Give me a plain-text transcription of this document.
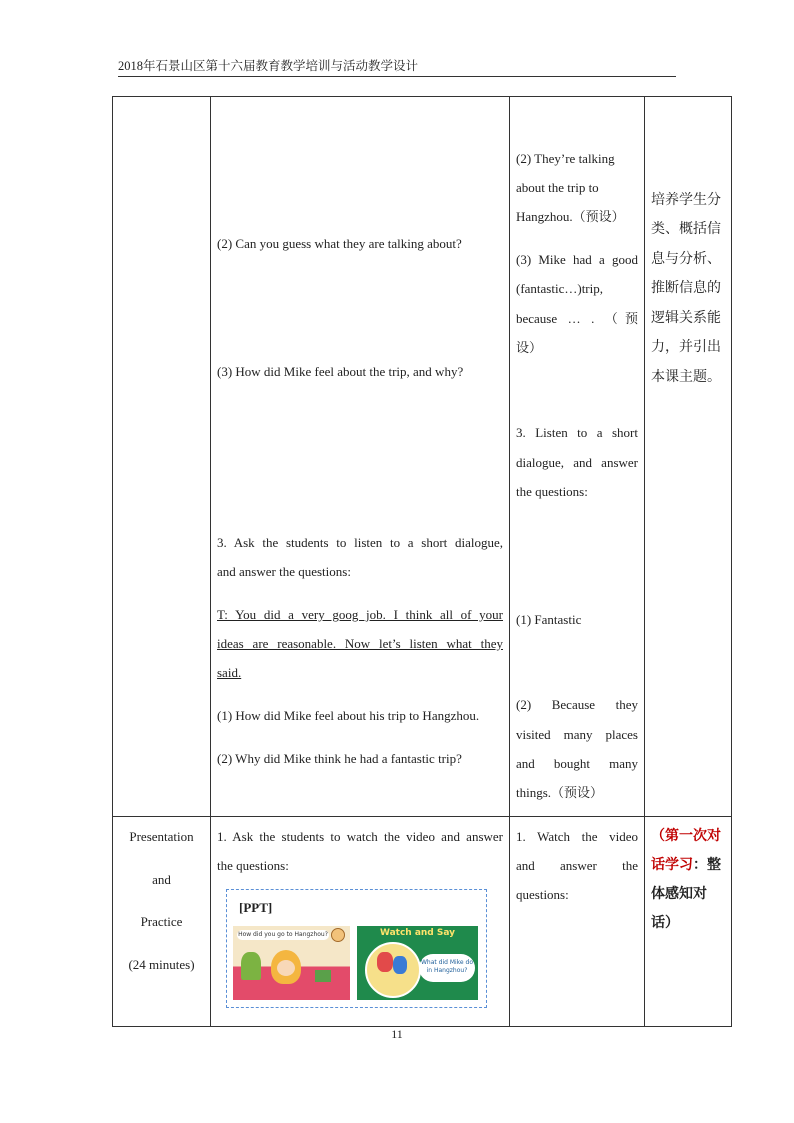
2018年石景山区第十六届教育教学培训与活动教学设计
(2) Can you guess what they are talking about?
(3) How did Mike feel about the trip, and why?
3. Ask the students to listen to a short dialogue,
and answer the questions:
T: You did a very goog job. I think all of your
ideas are reasonable. Now let’s listen what they
said.
(1) How did Mike feel about his trip to Hangzhou.
(2) Why did Mike think he had a fantastic trip?
(2) They’re talking
about the trip to
Hangzhou.（预设）
(3) Mike had a good
(fantastic…)trip,
because … . （预
设）
3. Listen to a short
dialogue, and answer
the questions:
(1) Fantastic
(2) Because they
visited many places
and bought many
things.（预设）
培养学生分
类、概括信
息与分析、
推断信息的
逻辑关系能
力，并引出
本课主题。
Presentation
and
Practice
(24 minutes)
1. Ask the students to watch the video and answer
the questions:
[PPT]
How did you go to Hangzhou?	Watch and Say
What did Mike do in Hangzhou?
1. Watch the video
and answer the
questions:
（第一次对
话学习：整
体感知对
话）
11
